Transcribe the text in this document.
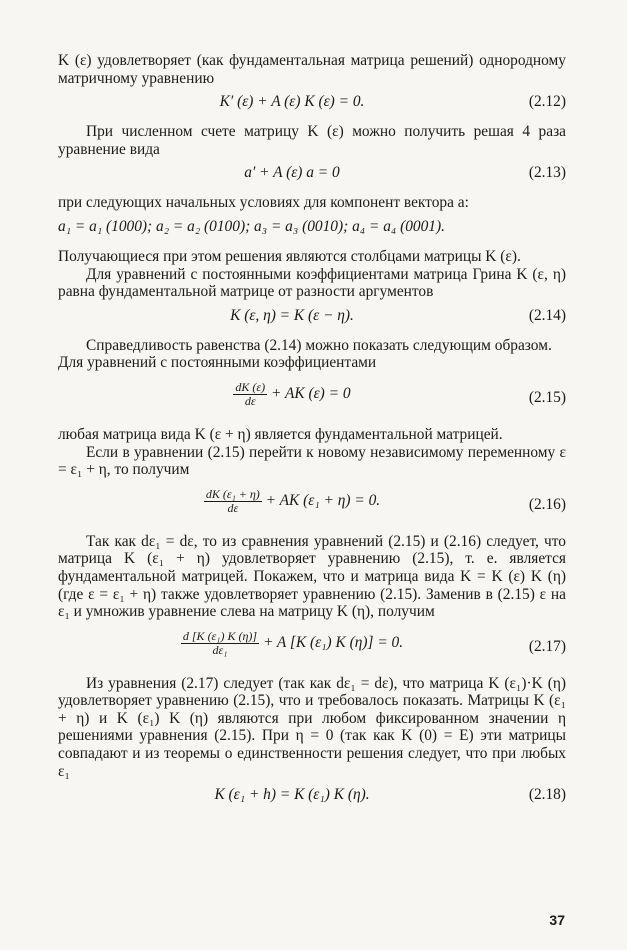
K (ε) удовлетворяет (как фундаментальная матрица решений) однородному матричному уравнению

K′ (ε) + A (ε) K (ε) = 0.	(2.12)

При численном счете матрицу K (ε) можно получить решая 4 раза уравнение вида

a′ + A (ε) a = 0	(2.13)

при следующих начальных условиях для компонент вектора a:

a₁ = a₁ (1000); a₂ = a₂ (0100); a₃ = a₃ (0010); a₄ = a₄ (0001).

Получающиеся при этом решения являются столбцами матрицы K (ε).

Для уравнений с постоянными коэффициентами матрица Грина K (ε, η) равна фундаментальной матрице от разности аргументов

K (ε, η) = K (ε − η).	(2.14)

Справедливость равенства (2.14) можно показать следующим образом.

Для уравнений с постоянными коэффициентами

$\frac{dK (\varepsilon)}{d\varepsilon}$ + AK (ε) = 0	(2.15)

любая матрица вида K (ε + η) является фундаментальной матрицей.

Если в уравнении (2.15) перейти к новому независимому переменному ε = ε₁ + η, то получим

$\frac{\text{dK (ε₁ + η)}}{d\varepsilon}$ + AK (ε₁ + η) = 0.	(2.16)

Так как dε₁ = dε, то из сравнения уравнений (2.15) и (2.16) следует, что матрица K (ε₁ + η) удовлетворяет уравнению (2.15), т. е. является фундаментальной матрицей. Покажем, что и матрица вида K = K (ε) K (η) (где ε = ε₁ + η) также удовлетворяет уравнению (2.15). Заменив в (2.15) ε на ε₁ и умножив уравнение слева на матрицу K (η), получим

$\frac{\text{d [K (ε₁) K (η)]}}{\text{dε₁}} + A$ [K (ε₁) K (η)] = 0.	(2.17)

Из уравнения (2.17) следует (так как dε₁ = dε), что матрица K (ε₁)·K (η) удовлетворяет уравнению (2.15), что и требовалось показать. Матрицы K (ε₁ + η) и K (ε₁) K (η) являются при любом фиксированном значении η решениями уравнения (2.15). При η = 0 (так как K (0) = E) эти матрицы совпадают и из теоремы о единственности решения следует, что при любых ε₁

K (ε₁ + h) = K (ε₁) K (η).	(2.18)
37
